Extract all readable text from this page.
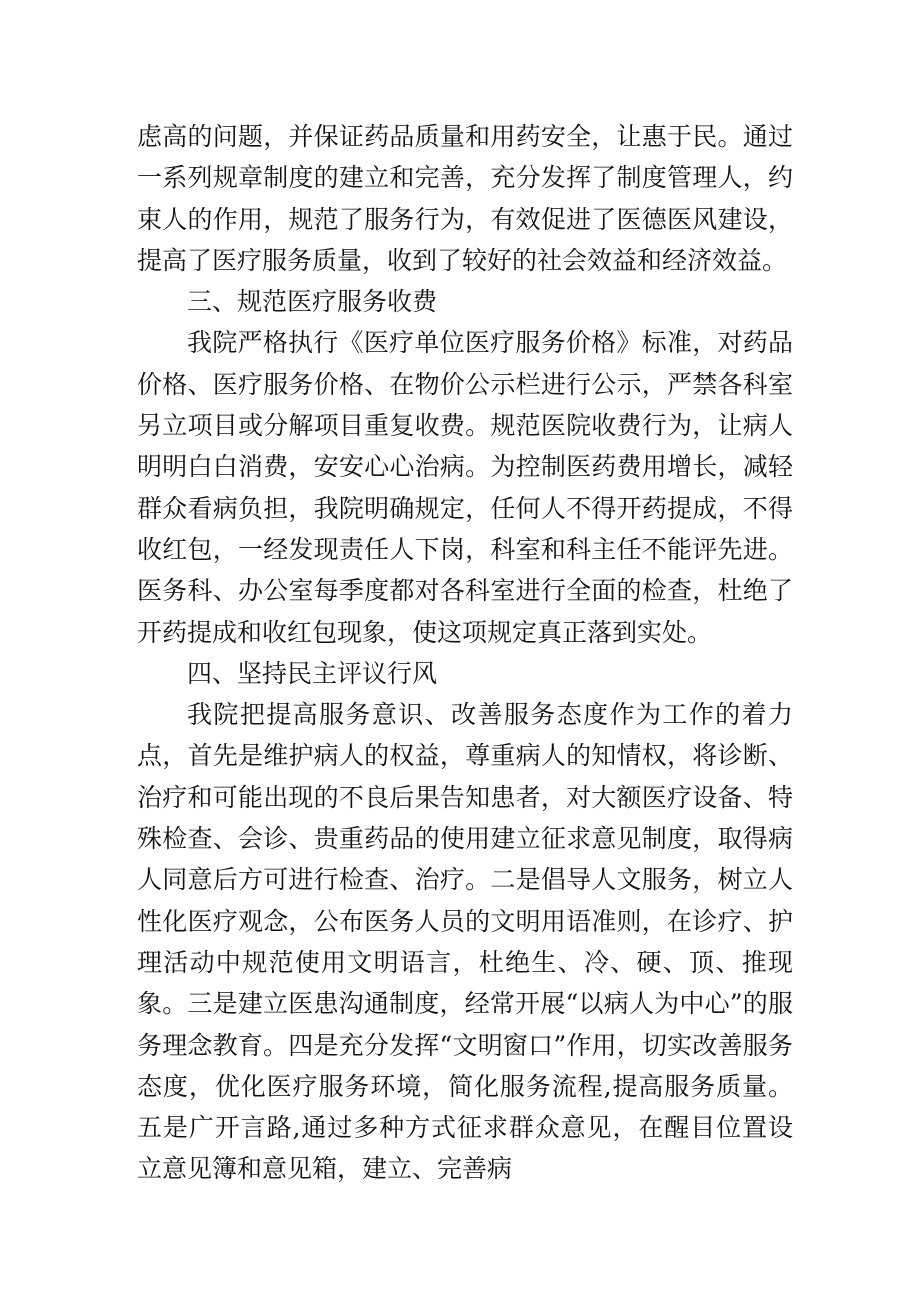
虑高的问题，并保证药品质量和用药安全，让惠于民。通过一系列规章制度的建立和完善，充分发挥了制度管理人，约束人的作用，规范了服务行为，有效促进了医德医风建设，提高了医疗服务质量，收到了较好的社会效益和经济效益。

三、规范医疗服务收费

我院严格执行《医疗单位医疗服务价格》标准，对药品价格、医疗服务价格、在物价公示栏进行公示，严禁各科室另立项目或分解项目重复收费。规范医院收费行为，让病人明明白白消费，安安心心治病。为控制医药费用增长，减轻群众看病负担，我院明确规定，任何人不得开药提成，不得收红包，一经发现责任人下岗，科室和科主任不能评先进。医务科、办公室每季度都对各科室进行全面的检查，杜绝了开药提成和收红包现象，使这项规定真正落到实处。

四、坚持民主评议行风

我院把提高服务意识、改善服务态度作为工作的着力点，首先是维护病人的权益，尊重病人的知情权，将诊断、治疗和可能出现的不良后果告知患者，对大额医疗设备、特殊检查、会诊、贵重药品的使用建立征求意见制度，取得病人同意后方可进行检查、治疗。二是倡导人文服务，树立人性化医疗观念，公布医务人员的文明用语准则，在诊疗、护理活动中规范使用文明语言，杜绝生、冷、硬、顶、推现象。三是建立医患沟通制度，经常开展“以病人为中心”的服务理念教育。四是充分发挥“文明窗口”作用，切实改善服务态度，优化医疗服务环境，简化服务流程,提高服务质量。五是广开言路,通过多种方式征求群众意见，在醒目位置设立意见簿和意见箱，建立、完善病
